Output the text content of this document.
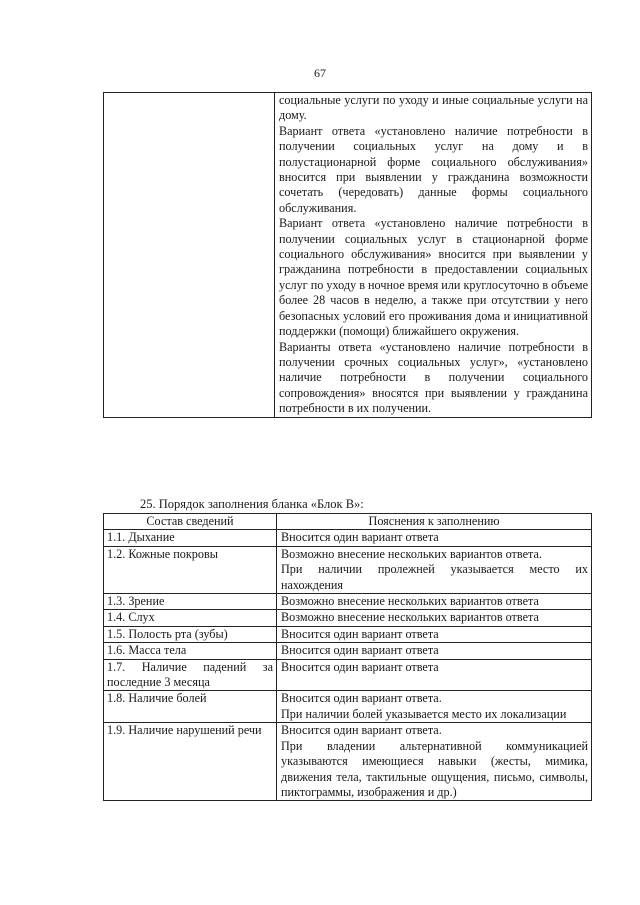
67

социальные услуги по уходу и иные социальные услуги на дому.
Вариант ответа «установлено наличие потребности в получении социальных услуг на дому и в полустационарной форме социального обслуживания» вносится при выявлении у гражданина возможности сочетать (чередовать) данные формы социального обслуживания.
Вариант ответа «установлено наличие потребности в получении социальных услуг в стационарной форме социального обслуживания» вносится при выявлении у гражданина потребности в предоставлении социальных услуг по уходу в ночное время или круглосуточно в объеме более 28 часов в неделю, а также при отсутствии у него безопасных условий его проживания дома и инициативной поддержки (помощи) ближайшего окружения.
Варианты ответа «установлено наличие потребности в получении срочных социальных услуг», «установлено наличие потребности в получении социального сопровождения» вносятся при выявлении у гражданина потребности в их получении.
25. Порядок заполнения бланка «Блок В»:
Состав сведений	Пояснения к заполнению
1.1. Дыхание	Вносится один вариант ответа

1.2. Кожные покровы	Возможно внесение нескольких вариантов ответа.

При наличии пролежней указывается место их нахождения

1.3. Зрение	Возможно внесение нескольких вариантов ответа

1.4. Слух	Возможно внесение нескольких вариантов ответа

1.5. Полость рта (зубы)	Вносится один вариант ответа

1.6. Масса тела	Вносится один вариант ответа

1.7. Наличие падений за последние 3 месяца	Вносится один вариант ответа

1.8. Наличие болей	Вносится один вариант ответа.

При наличии болей указывается место их локализации

1.9. Наличие нарушений речи	Вносится один вариант ответа.

При владении альтернативной коммуникацией указываются имеющиеся навыки (жесты, мимика, движения тела, тактильные ощущения, письмо, символы, пиктограммы, изображения и др.)
